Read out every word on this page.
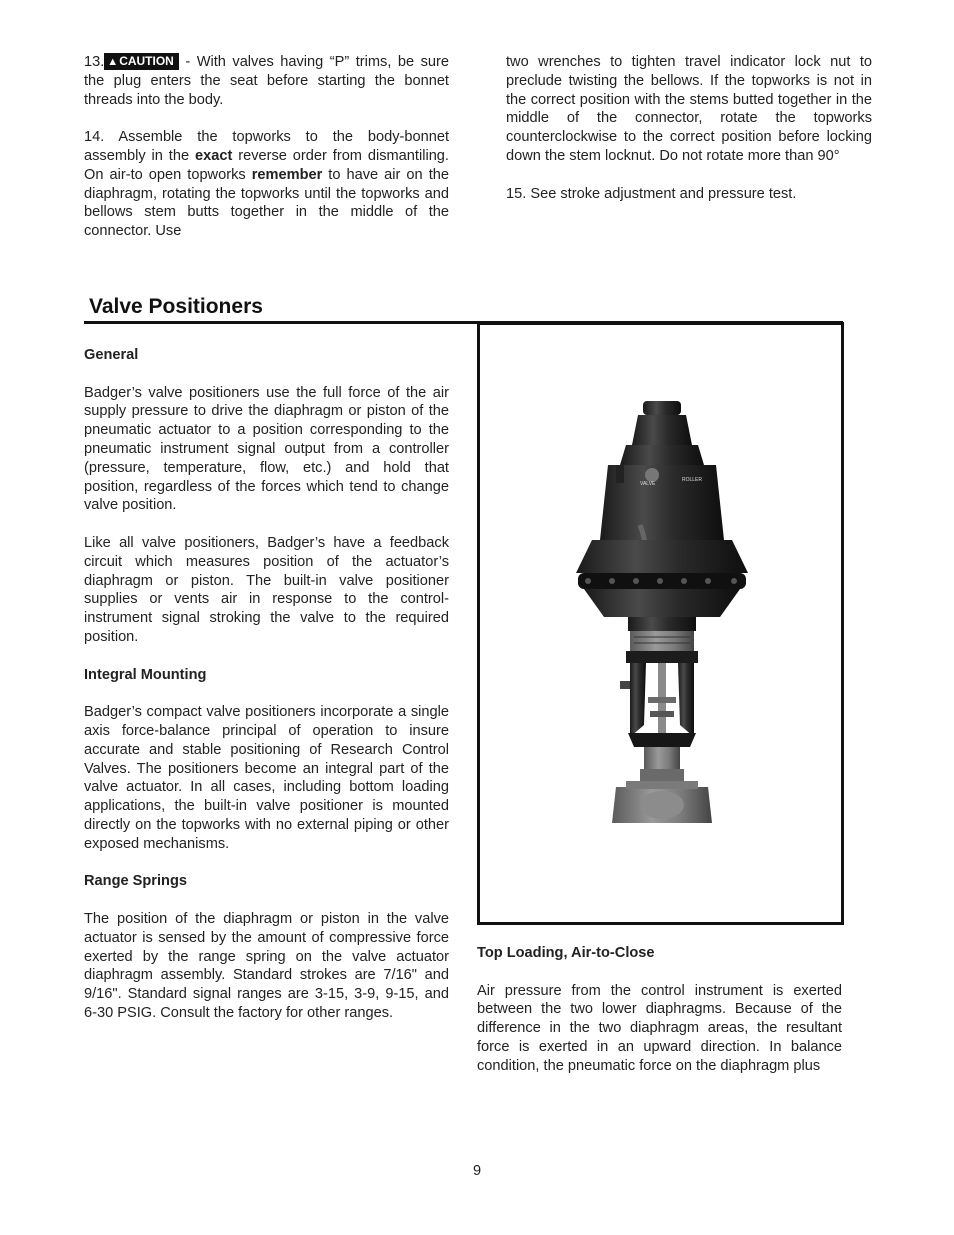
13. ▲CAUTION - With valves having “P” trims, be sure the plug enters the seat before starting the bonnet threads into the body.

14. Assemble the topworks to the body-bonnet assembly in the exact reverse order from dismantiling. On air-to open topworks remember to have air on the diaphragm, rotating the topworks until the topworks and bellows stem butts together in the middle of the connector. Use

two wrenches to tighten travel indicator lock nut to preclude twisting the bellows. If the topworks is not in the correct position with the stems butted together in the middle of the connector, rotate the topworks counterclockwise to the correct position before locking down the stem locknut. Do not rotate more than 90°

15. See stroke adjustment and pressure test.

Valve Positioners

General

Badger’s valve positioners use the full force of the air supply pressure to drive the diaphragm or piston of the pneumatic actuator to a position corresponding to the pneumatic instrument signal output from a controller (pressure, temperature, flow, etc.) and hold that position, regardless of the forces which tend to change valve position.

Like all valve positioners, Badger’s have a feedback circuit which measures position of the actuator’s diaphragm or piston. The built-in valve positioner supplies or vents air in response to the control-instrument signal stroking the valve to the required position.

Integral Mounting

Badger’s compact valve positioners incorporate a single axis force-balance principal of operation to insure accurate and stable positioning of Research Control Valves. The positioners become an integral part of the valve actuator. In all cases, including bottom loading applications, the built-in valve positioner is mounted directly on the topworks with no external piping or other exposed mechanisms.

Range Springs

The position of the diaphragm or piston in the valve actuator is sensed by the amount of compressive force exerted by the range spring on the valve actuator diaphragm assembly. Standard strokes are 7/16" and 9/16". Standard signal ranges are 3-15, 3-9, 9-15, and 6-30 PSIG. Consult the factory for other ranges.

VALVE
ROLLER

Top Loading, Air-to-Close

Air pressure from the control instrument is exerted between the two lower diaphragms. Because of the difference in the two diaphragm areas, the resultant force is exerted in an upward direction. In balance condition, the pneumatic force on the diaphragm plus

9
